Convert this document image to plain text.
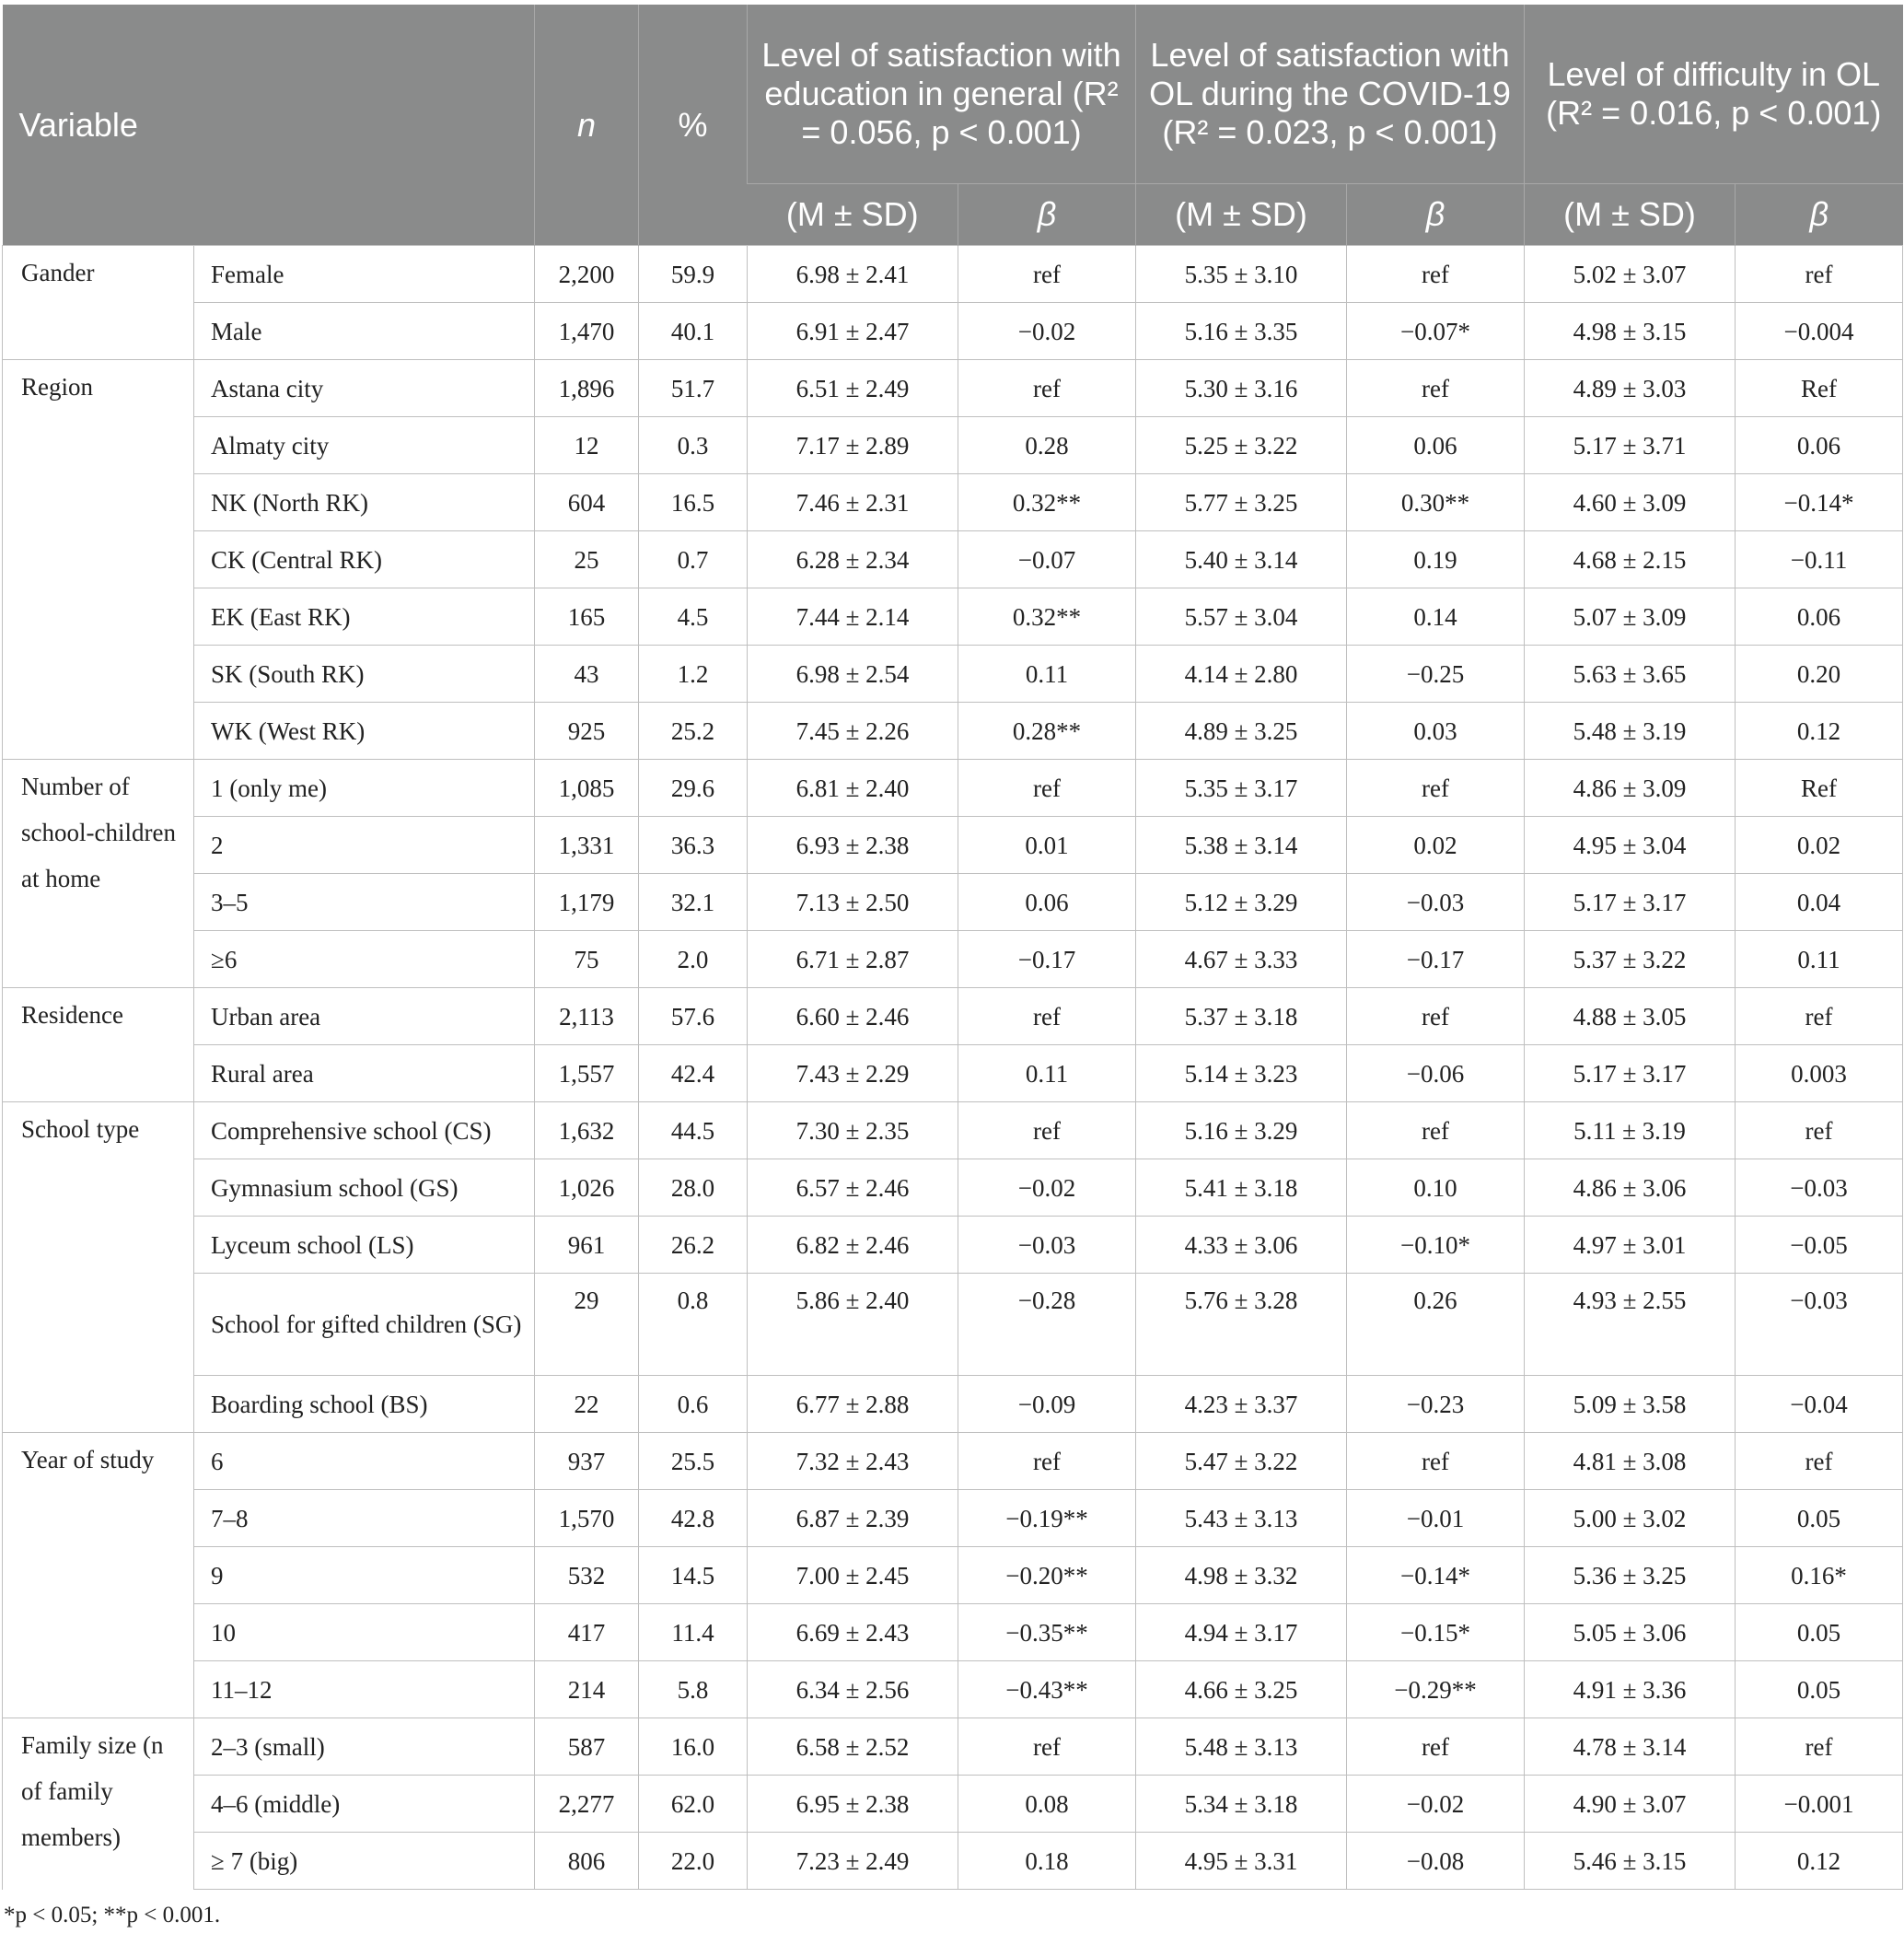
Variable		n	%	Level of satisfaction with education in general (R² = 0.056, p < 0.001)		Level of satisfaction with OL during the COVID-19 (R² = 0.023, p < 0.001)		Level of difficulty in OL (R² = 0.016, p < 0.001)	
				(M ± SD)	β	(M ± SD)	β	(M ± SD)	β
Gander	Female	2,200	59.9	6.98 ± 2.41	ref	5.35 ± 3.10	ref	5.02 ± 3.07	ref
	Male	1,470	40.1	6.91 ± 2.47	−0.02	5.16 ± 3.35	−0.07*	4.98 ± 3.15	−0.004
Region	Astana city	1,896	51.7	6.51 ± 2.49	ref	5.30 ± 3.16	ref	4.89 ± 3.03	Ref
	Almaty city	12	0.3	7.17 ± 2.89	0.28	5.25 ± 3.22	0.06	5.17 ± 3.71	0.06
	NK (North RK)	604	16.5	7.46 ± 2.31	0.32**	5.77 ± 3.25	0.30**	4.60 ± 3.09	−0.14*
	CK (Central RK)	25	0.7	6.28 ± 2.34	−0.07	5.40 ± 3.14	0.19	4.68 ± 2.15	−0.11
	EK (East RK)	165	4.5	7.44 ± 2.14	0.32**	5.57 ± 3.04	0.14	5.07 ± 3.09	0.06
	SK (South RK)	43	1.2	6.98 ± 2.54	0.11	4.14 ± 2.80	−0.25	5.63 ± 3.65	0.20
	WK (West RK)	925	25.2	7.45 ± 2.26	0.28**	4.89 ± 3.25	0.03	5.48 ± 3.19	0.12
Number of school-children at home	1 (only me)	1,085	29.6	6.81 ± 2.40	ref	5.35 ± 3.17	ref	4.86 ± 3.09	Ref
	2	1,331	36.3	6.93 ± 2.38	0.01	5.38 ± 3.14	0.02	4.95 ± 3.04	0.02
	3–5	1,179	32.1	7.13 ± 2.50	0.06	5.12 ± 3.29	−0.03	5.17 ± 3.17	0.04
	≥6	75	2.0	6.71 ± 2.87	−0.17	4.67 ± 3.33	−0.17	5.37 ± 3.22	0.11
Residence	Urban area	2,113	57.6	6.60 ± 2.46	ref	5.37 ± 3.18	ref	4.88 ± 3.05	ref
	Rural area	1,557	42.4	7.43 ± 2.29	0.11	5.14 ± 3.23	−0.06	5.17 ± 3.17	0.003
School type	Comprehensive school (CS)	1,632	44.5	7.30 ± 2.35	ref	5.16 ± 3.29	ref	5.11 ± 3.19	ref
	Gymnasium school (GS)	1,026	28.0	6.57 ± 2.46	−0.02	5.41 ± 3.18	0.10	4.86 ± 3.06	−0.03
	Lyceum school (LS)	961	26.2	6.82 ± 2.46	−0.03	4.33 ± 3.06	−0.10*	4.97 ± 3.01	−0.05
	School for gifted children (SG)	29	0.8	5.86 ± 2.40	−0.28	5.76 ± 3.28	0.26	4.93 ± 2.55	−0.03
	Boarding school (BS)	22	0.6	6.77 ± 2.88	−0.09	4.23 ± 3.37	−0.23	5.09 ± 3.58	−0.04
Year of study	6	937	25.5	7.32 ± 2.43	ref	5.47 ± 3.22	ref	4.81 ± 3.08	ref
	7–8	1,570	42.8	6.87 ± 2.39	−0.19**	5.43 ± 3.13	−0.01	5.00 ± 3.02	0.05
	9	532	14.5	7.00 ± 2.45	−0.20**	4.98 ± 3.32	−0.14*	5.36 ± 3.25	0.16*
	10	417	11.4	6.69 ± 2.43	−0.35**	4.94 ± 3.17	−0.15*	5.05 ± 3.06	0.05
	11–12	214	5.8	6.34 ± 2.56	−0.43**	4.66 ± 3.25	−0.29**	4.91 ± 3.36	0.05
Family size (n of family members)	2–3 (small)	587	16.0	6.58 ± 2.52	ref	5.48 ± 3.13	ref	4.78 ± 3.14	ref
	4–6 (middle)	2,277	62.0	6.95 ± 2.38	0.08	5.34 ± 3.18	−0.02	4.90 ± 3.07	−0.001
	≥ 7 (big)	806	22.0	7.23 ± 2.49	0.18	4.95 ± 3.31	−0.08	5.46 ± 3.15	0.12
*p < 0.05; **p < 0.001.
